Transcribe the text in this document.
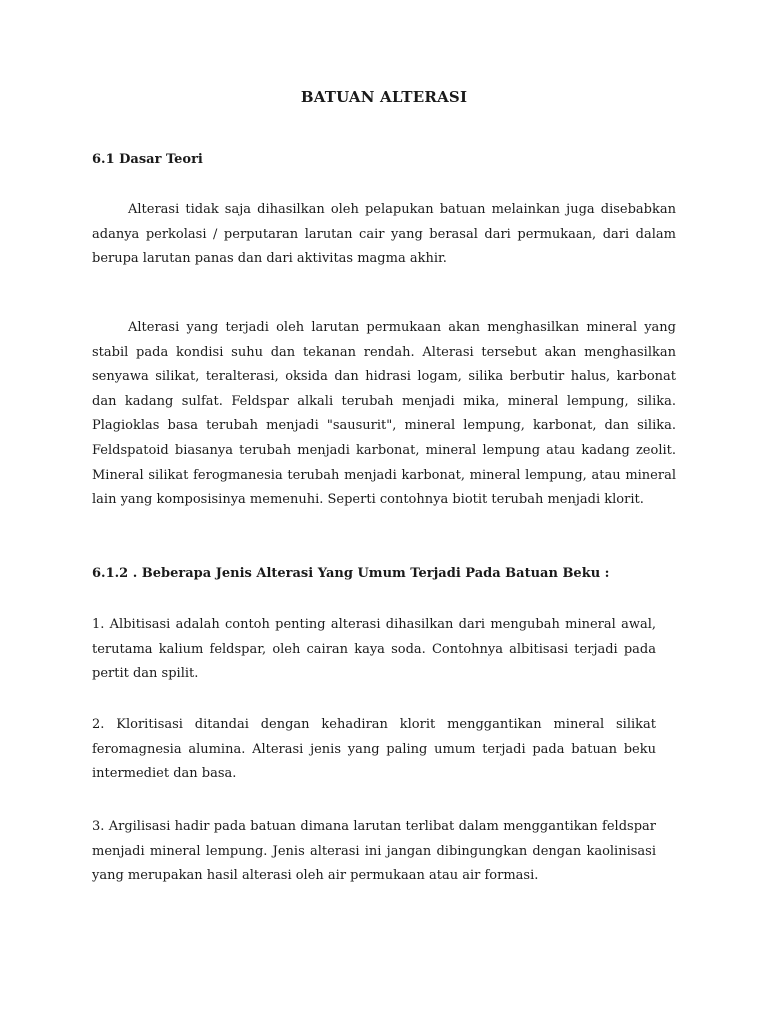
BATUAN ALTERASI
6.1 Dasar Teori
Alterasi tidak saja dihasilkan oleh pelapukan batuan melainkan juga disebabkan adanya perkolasi / perputaran larutan cair yang berasal dari permukaan, dari dalam berupa larutan panas dan dari aktivitas magma akhir.
Alterasi yang terjadi oleh larutan permukaan akan menghasilkan mineral yang stabil pada kondisi suhu dan tekanan rendah. Alterasi tersebut akan menghasilkan senyawa silikat, teralterasi, oksida dan hidrasi logam, silika berbutir halus, karbonat dan kadang sulfat. Feldspar alkali terubah menjadi mika, mineral lempung, silika. Plagioklas basa terubah menjadi "sausurit", mineral lempung, karbonat, dan silika. Feldspatoid biasanya terubah menjadi karbonat, mineral lempung atau kadang zeolit. Mineral silikat ferogmanesia terubah menjadi karbonat, mineral lempung, atau mineral lain yang komposisinya memenuhi. Seperti contohnya biotit terubah menjadi klorit.
6.1.2 . Beberapa Jenis Alterasi Yang Umum Terjadi Pada Batuan Beku :
1. Albitisasi adalah contoh penting alterasi dihasilkan dari mengubah mineral awal, terutama kalium feldspar, oleh cairan kaya soda. Contohnya albitisasi terjadi pada pertit dan spilit.
2. Kloritisasi ditandai dengan kehadiran klorit menggantikan mineral silikat feromagnesia alumina. Alterasi jenis yang paling umum terjadi pada batuan beku intermediet dan basa.
3. Argilisasi hadir pada batuan dimana larutan terlibat dalam menggantikan feldspar menjadi mineral lempung. Jenis alterasi ini jangan dibingungkan dengan kaolinisasi yang merupakan hasil alterasi oleh air permukaan atau air formasi.
